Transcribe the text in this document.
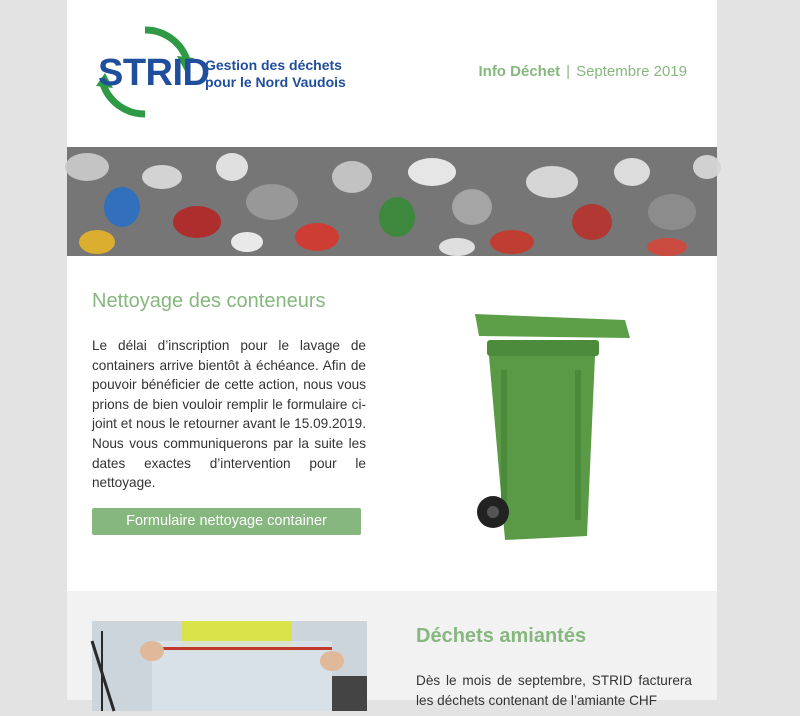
STRID
Gestion des déchets
pour le Nord Vaudois
Info Déchet | Septembre 2019
Nettoyage des conteneurs

Le délai d’inscription pour le lavage de containers arrive bientôt à échéance. Afin de pouvoir bénéficier de cette action, nous vous prions de bien vouloir remplir le formulaire ci-joint et nous le retourner avant le 15.09.2019. Nous vous communiquerons par la suite les dates exactes d’intervention pour le nettoyage.

Formulaire nettoyage container
Déchets amiantés

Dès le mois de septembre, STRID facturera les déchets contenant de l’amiante CHF
